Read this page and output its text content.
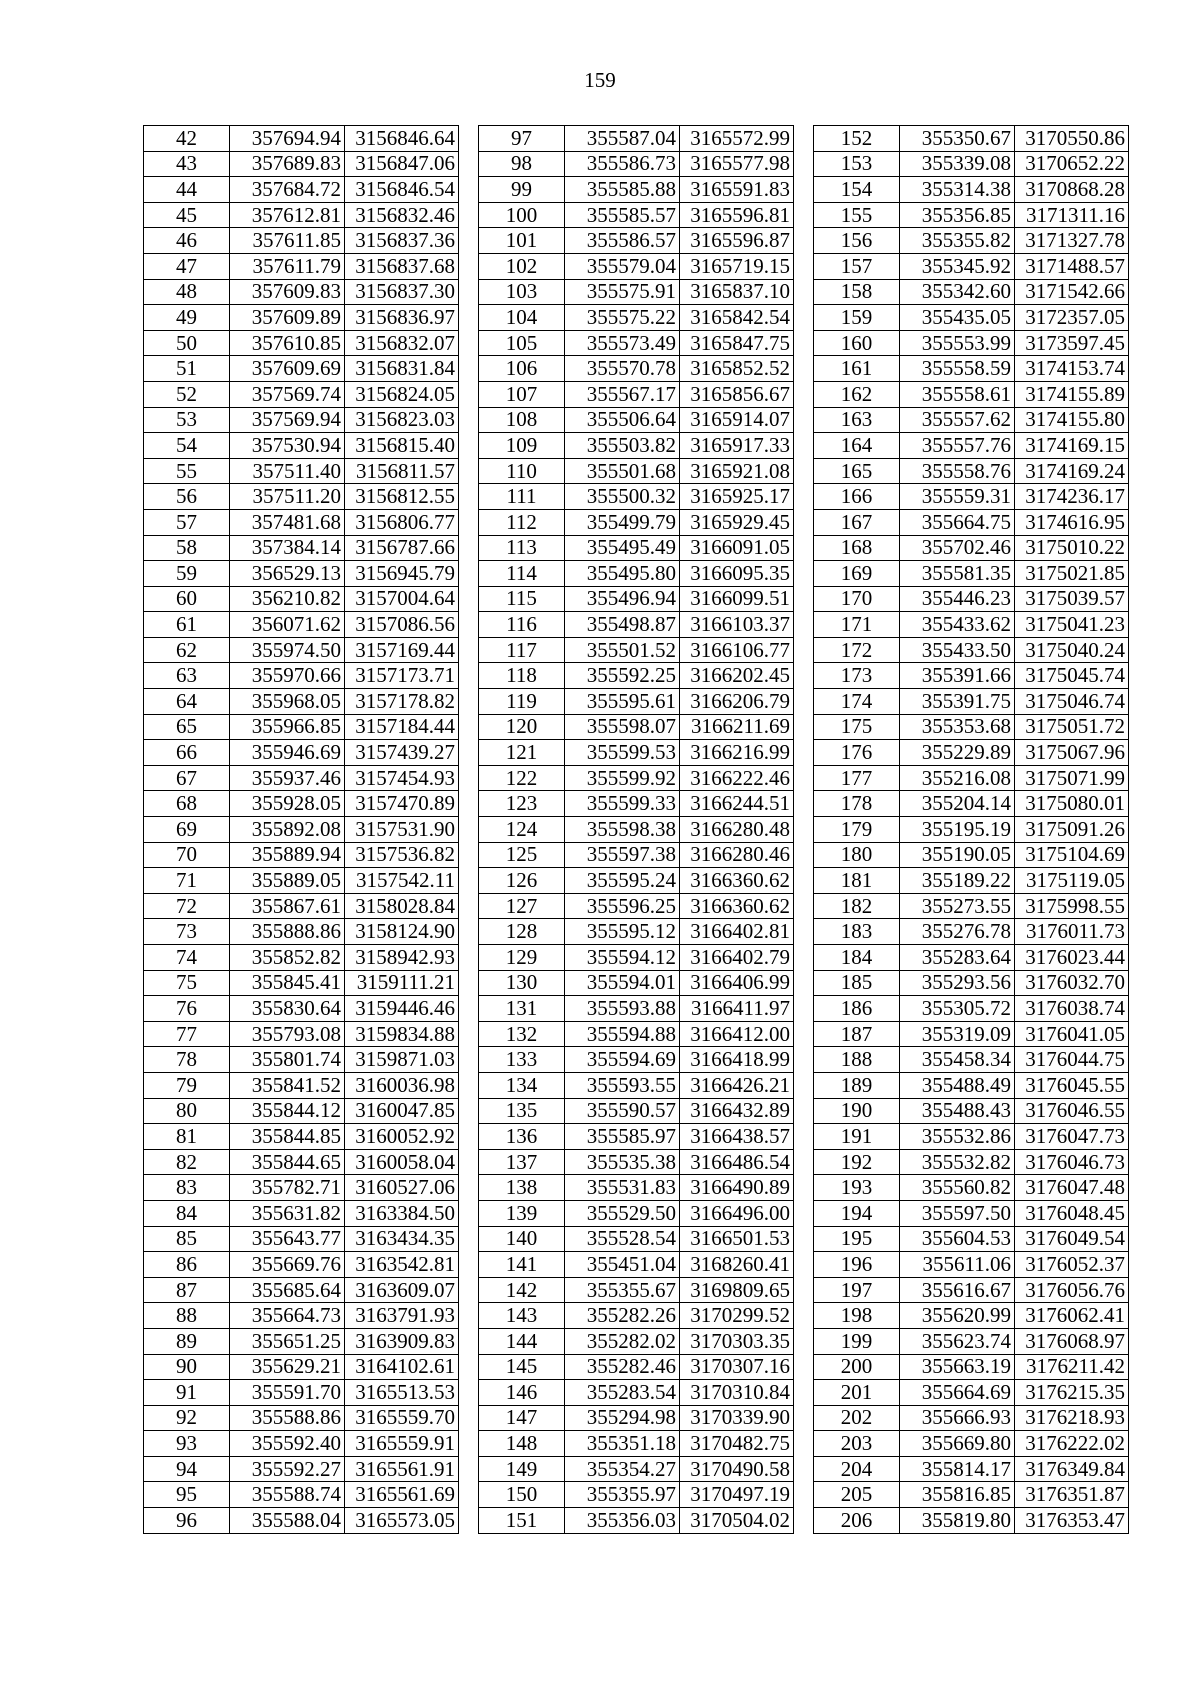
159
42	357694.94	3156846.64
43	357689.83	3156847.06
44	357684.72	3156846.54
45	357612.81	3156832.46
46	357611.85	3156837.36
47	357611.79	3156837.68
48	357609.83	3156837.30
49	357609.89	3156836.97
50	357610.85	3156832.07
51	357609.69	3156831.84
52	357569.74	3156824.05
53	357569.94	3156823.03
54	357530.94	3156815.40
55	357511.40	3156811.57
56	357511.20	3156812.55
57	357481.68	3156806.77
58	357384.14	3156787.66
59	356529.13	3156945.79
60	356210.82	3157004.64
61	356071.62	3157086.56
62	355974.50	3157169.44
63	355970.66	3157173.71
64	355968.05	3157178.82
65	355966.85	3157184.44
66	355946.69	3157439.27
67	355937.46	3157454.93
68	355928.05	3157470.89
69	355892.08	3157531.90
70	355889.94	3157536.82
71	355889.05	3157542.11
72	355867.61	3158028.84
73	355888.86	3158124.90
74	355852.82	3158942.93
75	355845.41	3159111.21
76	355830.64	3159446.46
77	355793.08	3159834.88
78	355801.74	3159871.03
79	355841.52	3160036.98
80	355844.12	3160047.85
81	355844.85	3160052.92
82	355844.65	3160058.04
83	355782.71	3160527.06
84	355631.82	3163384.50
85	355643.77	3163434.35
86	355669.76	3163542.81
87	355685.64	3163609.07
88	355664.73	3163791.93
89	355651.25	3163909.83
90	355629.21	3164102.61
91	355591.70	3165513.53
92	355588.86	3165559.70
93	355592.40	3165559.91
94	355592.27	3165561.91
95	355588.74	3165561.69
96	355588.04	3165573.05
97	355587.04	3165572.99
98	355586.73	3165577.98
99	355585.88	3165591.83
100	355585.57	3165596.81
101	355586.57	3165596.87
102	355579.04	3165719.15
103	355575.91	3165837.10
104	355575.22	3165842.54
105	355573.49	3165847.75
106	355570.78	3165852.52
107	355567.17	3165856.67
108	355506.64	3165914.07
109	355503.82	3165917.33
110	355501.68	3165921.08
111	355500.32	3165925.17
112	355499.79	3165929.45
113	355495.49	3166091.05
114	355495.80	3166095.35
115	355496.94	3166099.51
116	355498.87	3166103.37
117	355501.52	3166106.77
118	355592.25	3166202.45
119	355595.61	3166206.79
120	355598.07	3166211.69
121	355599.53	3166216.99
122	355599.92	3166222.46
123	355599.33	3166244.51
124	355598.38	3166280.48
125	355597.38	3166280.46
126	355595.24	3166360.62
127	355596.25	3166360.62
128	355595.12	3166402.81
129	355594.12	3166402.79
130	355594.01	3166406.99
131	355593.88	3166411.97
132	355594.88	3166412.00
133	355594.69	3166418.99
134	355593.55	3166426.21
135	355590.57	3166432.89
136	355585.97	3166438.57
137	355535.38	3166486.54
138	355531.83	3166490.89
139	355529.50	3166496.00
140	355528.54	3166501.53
141	355451.04	3168260.41
142	355355.67	3169809.65
143	355282.26	3170299.52
144	355282.02	3170303.35
145	355282.46	3170307.16
146	355283.54	3170310.84
147	355294.98	3170339.90
148	355351.18	3170482.75
149	355354.27	3170490.58
150	355355.97	3170497.19
151	355356.03	3170504.02
152	355350.67	3170550.86
153	355339.08	3170652.22
154	355314.38	3170868.28
155	355356.85	3171311.16
156	355355.82	3171327.78
157	355345.92	3171488.57
158	355342.60	3171542.66
159	355435.05	3172357.05
160	355553.99	3173597.45
161	355558.59	3174153.74
162	355558.61	3174155.89
163	355557.62	3174155.80
164	355557.76	3174169.15
165	355558.76	3174169.24
166	355559.31	3174236.17
167	355664.75	3174616.95
168	355702.46	3175010.22
169	355581.35	3175021.85
170	355446.23	3175039.57
171	355433.62	3175041.23
172	355433.50	3175040.24
173	355391.66	3175045.74
174	355391.75	3175046.74
175	355353.68	3175051.72
176	355229.89	3175067.96
177	355216.08	3175071.99
178	355204.14	3175080.01
179	355195.19	3175091.26
180	355190.05	3175104.69
181	355189.22	3175119.05
182	355273.55	3175998.55
183	355276.78	3176011.73
184	355283.64	3176023.44
185	355293.56	3176032.70
186	355305.72	3176038.74
187	355319.09	3176041.05
188	355458.34	3176044.75
189	355488.49	3176045.55
190	355488.43	3176046.55
191	355532.86	3176047.73
192	355532.82	3176046.73
193	355560.82	3176047.48
194	355597.50	3176048.45
195	355604.53	3176049.54
196	355611.06	3176052.37
197	355616.67	3176056.76
198	355620.99	3176062.41
199	355623.74	3176068.97
200	355663.19	3176211.42
201	355664.69	3176215.35
202	355666.93	3176218.93
203	355669.80	3176222.02
204	355814.17	3176349.84
205	355816.85	3176351.87
206	355819.80	3176353.47
